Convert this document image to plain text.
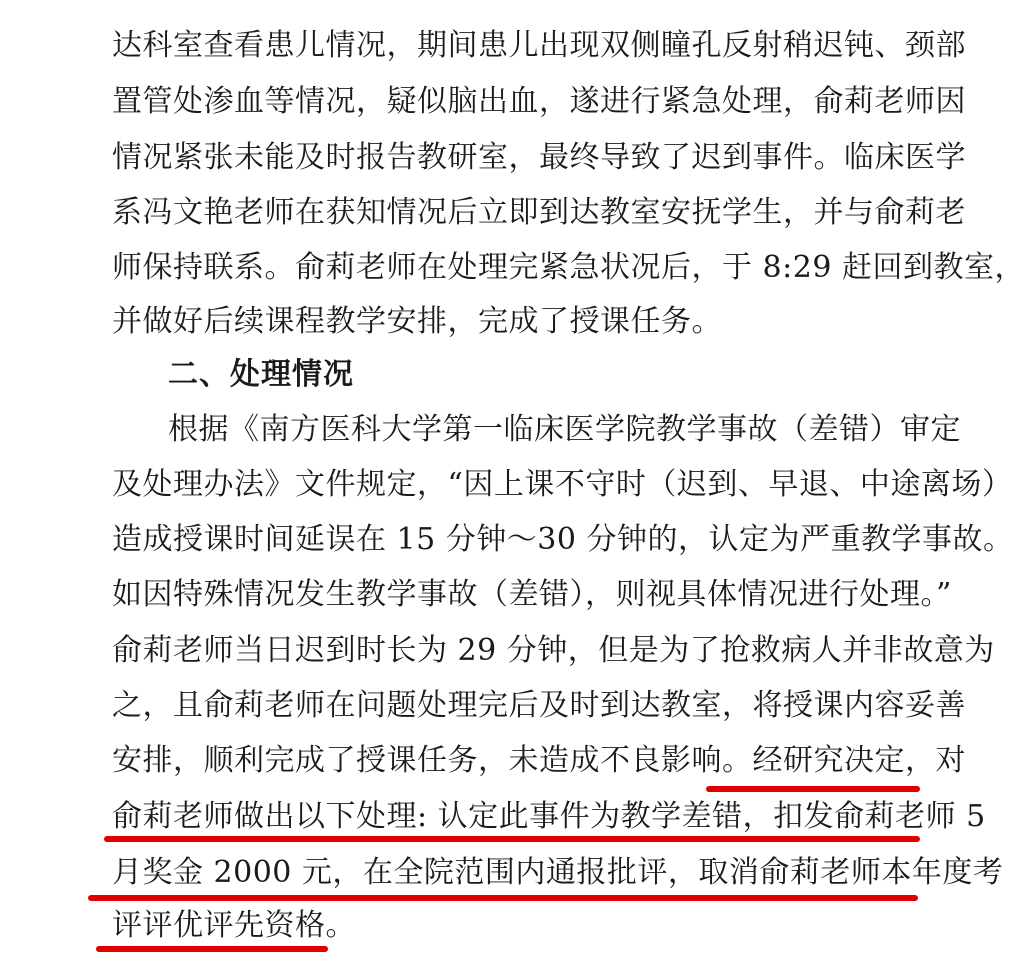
达科室查看患儿情况，期间患儿出现双侧瞳孔反射稍迟钝、颈部
置管处渗血等情况，疑似脑出血，遂进行紧急处理，俞莉老师因
情况紧张未能及时报告教研室，最终导致了迟到事件。临床医学
系冯文艳老师在获知情况后立即到达教室安抚学生，并与俞莉老
师保持联系。俞莉老师在处理完紧急状况后，于 8:29 赶回到教室，
并做好后续课程教学安排，完成了授课任务。
二、处理情况
根据《南方医科大学第一临床医学院教学事故（差错）审定
及处理办法》文件规定，“因上课不守时（迟到、早退、中途离场）
造成授课时间延误在 15 分钟～30 分钟的，认定为严重教学事故。
如因特殊情况发生教学事故（差错），则视具体情况进行处理。”
俞莉老师当日迟到时长为 29 分钟，但是为了抢救病人并非故意为
之，且俞莉老师在问题处理完后及时到达教室，将授课内容妥善
安排，顺利完成了授课任务，未造成不良影响。经研究决定，对
俞莉老师做出以下处理: 认定此事件为教学差错，扣发俞莉老师 5
月奖金 2000 元，在全院范围内通报批评，取消俞莉老师本年度考
评评优评先资格。
